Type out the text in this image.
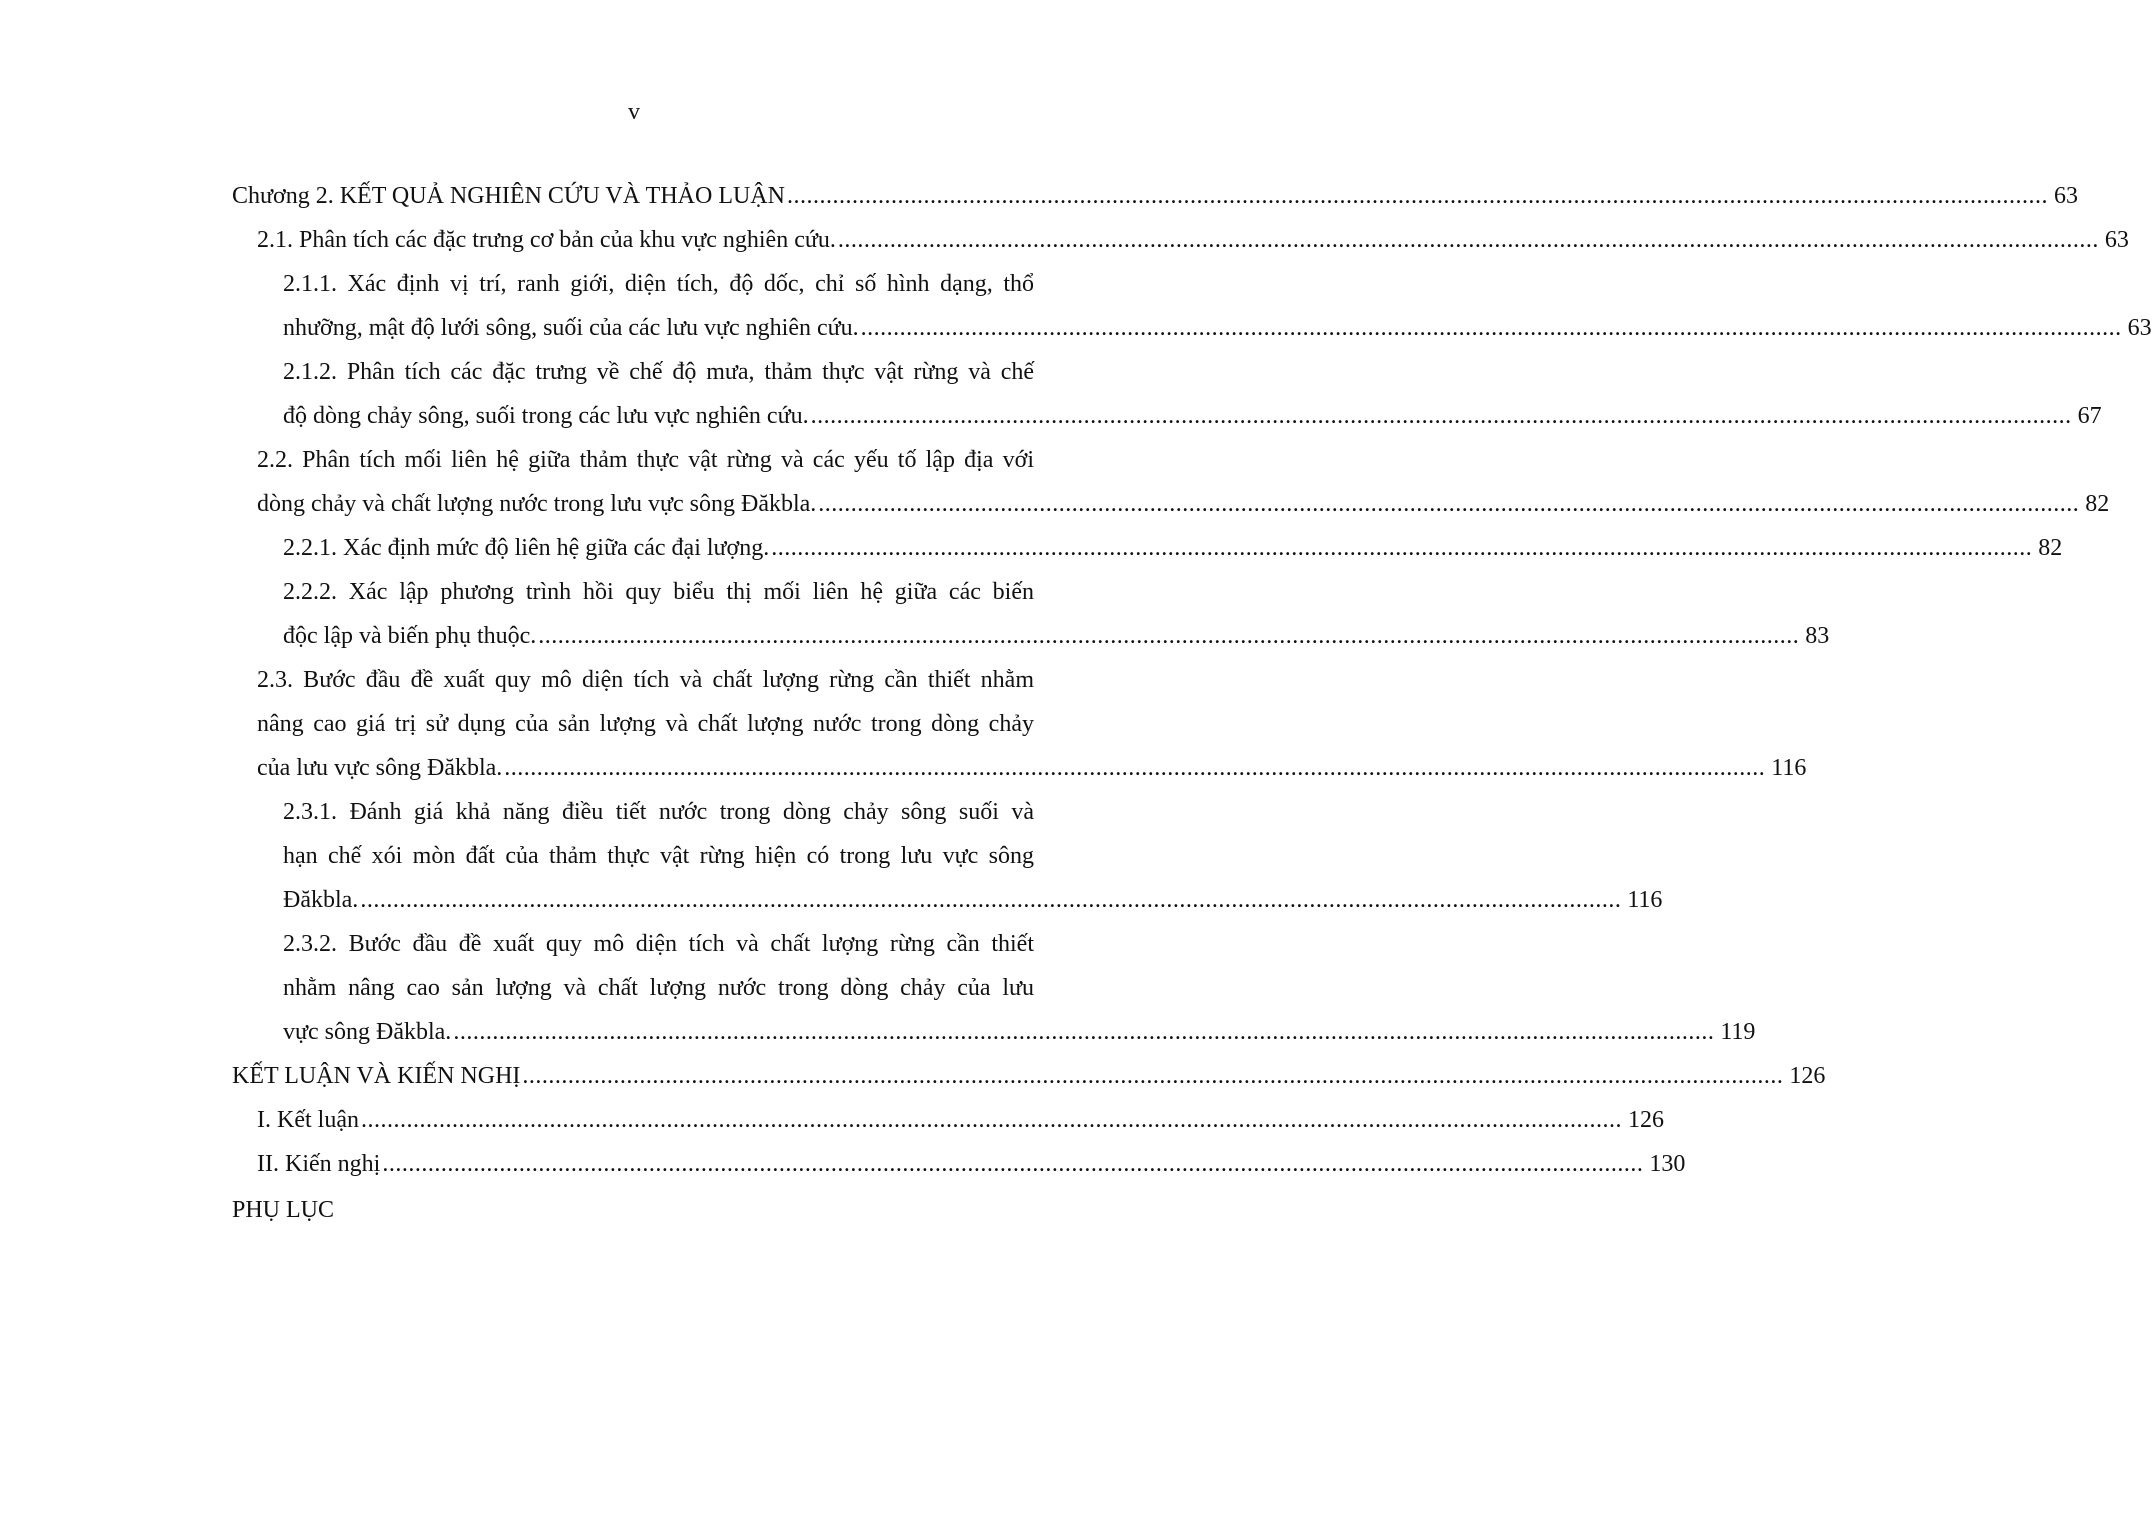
v
Chương 2. KẾT QUẢ NGHIÊN CỨU VÀ THẢO LUẬN .................................................................................................................................................................................................. 63
2.1. Phân tích các đặc trưng cơ bản của khu vực nghiên cứu. .................................................................................................................................................................................................. 63
2.1.1. Xác định vị trí, ranh giới, diện tích, độ dốc, chỉ số hình dạng, thổ
nhưỡng, mật độ lưới sông, suối của các lưu vực nghiên cứu. .................................................................................................................................................................................................. 63
2.1.2. Phân tích các đặc trưng về chế độ mưa, thảm thực vật rừng và chế
độ dòng chảy sông, suối trong các lưu vực nghiên cứu. .................................................................................................................................................................................................. 67
2.2. Phân tích mối liên hệ giữa thảm thực vật rừng và các yếu tố lập địa với
dòng chảy và chất lượng nước trong lưu vực sông Đăkbla. .................................................................................................................................................................................................. 82
2.2.1. Xác định mức độ liên hệ giữa các đại lượng. .................................................................................................................................................................................................. 82
2.2.2. Xác lập phương trình hồi quy biểu thị mối liên hệ giữa các biến
độc lập và biến phụ thuộc. .................................................................................................................................................................................................. 83
2.3. Bước đầu đề xuất quy mô diện tích và chất lượng rừng cần thiết nhằm
nâng cao giá trị sử dụng của sản lượng và chất lượng nước trong dòng chảy
của lưu vực sông Đăkbla. .................................................................................................................................................................................................. 116
2.3.1. Đánh giá khả năng điều tiết nước trong dòng chảy sông suối và
hạn chế xói mòn đất của thảm thực vật rừng hiện có trong lưu vực sông
Đăkbla. .................................................................................................................................................................................................. 116
2.3.2. Bước đầu đề xuất quy mô diện tích và chất lượng rừng cần thiết
nhằm nâng cao sản lượng và chất lượng nước trong dòng chảy của lưu
vực sông Đăkbla. .................................................................................................................................................................................................. 119
KẾT LUẬN VÀ KIẾN NGHỊ .................................................................................................................................................................................................. 126
I. Kết luận .................................................................................................................................................................................................. 126
II. Kiến nghị .................................................................................................................................................................................................. 130
PHỤ LỤC
